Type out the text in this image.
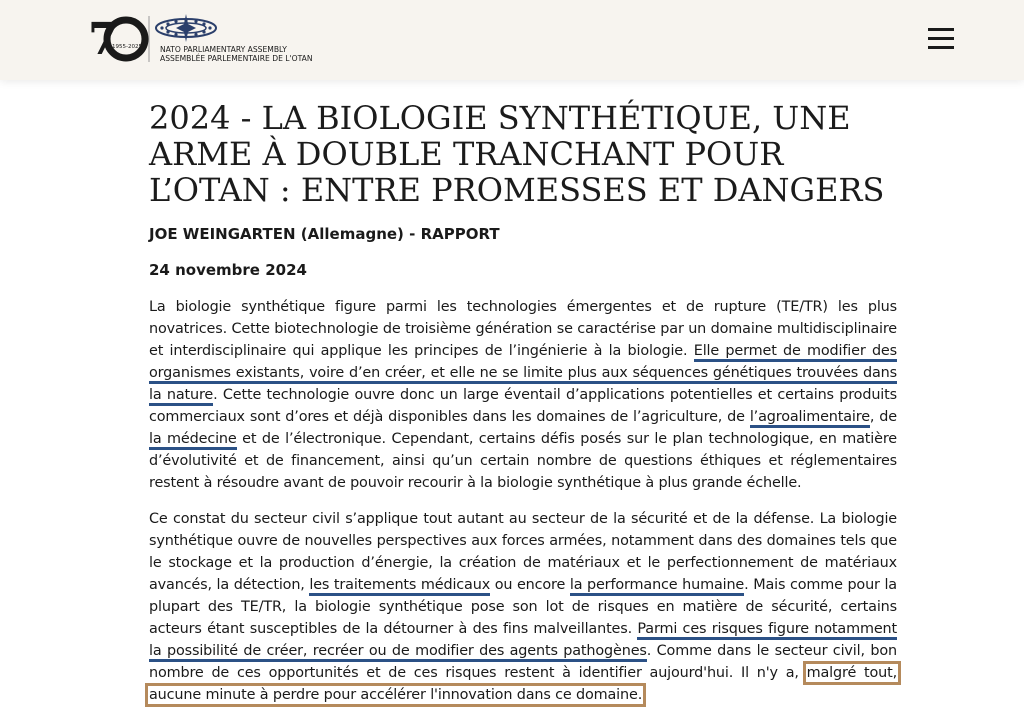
7
1955-2025 NATO PARLIAMENTARY ASSEMBLY
ASSEMBLÉE PARLEMENTAIRE DE L'OTAN
2024 - LA BIOLOGIE SYNTHÉTIQUE, UNE ARME À DOUBLE TRANCHANT POUR L’OTAN : ENTRE PROMESSES ET DANGERS
JOE WEINGARTEN (Allemagne) - RAPPORT
24 novembre 2024

La biologie synthétique figure parmi les technologies émergentes et de rupture (TE/TR) les plus novatrices. Cette biotechnologie de troisième génération se caractérise par un domaine multidisciplinaire et interdisciplinaire qui applique les principes de l’ingénierie à la biologie. Elle permet de modifier des organismes existants, voire d’en créer, et elle ne se limite plus aux séquences génétiques trouvées dans la nature. Cette technologie ouvre donc un large éventail d’applications potentielles et certains produits commerciaux sont d’ores et déjà disponibles dans les domaines de l’agriculture, de l’agroalimentaire, de la médecine et de l’électronique. Cependant, certains défis posés sur le plan technologique, en matière d’évolutivité et de financement, ainsi qu’un certain nombre de questions éthiques et réglementaires restent à résoudre avant de pouvoir recourir à la biologie synthétique à plus grande échelle.

Ce constat du secteur civil s’applique tout autant au secteur de la sécurité et de la défense. La biologie synthétique ouvre de nouvelles perspectives aux forces armées, notamment dans des domaines tels que le stockage et la production d’énergie, la création de matériaux et le perfectionnement de matériaux avancés, la détection, les traitements médicaux ou encore la performance humaine. Mais comme pour la plupart des TE/TR, la biologie synthétique pose son lot de risques en matière de sécurité, certains acteurs étant susceptibles de la détourner à des fins malveillantes. Parmi ces risques figure notamment la possibilité de créer, recréer ou de modifier des agents pathogènes. Comme dans le secteur civil, bon nombre de ces opportunités et de ces risques restent à identifier aujourd'hui. Il n'y a, malgré tout, aucune minute à perdre pour accélérer l'innovation dans ce domaine.
